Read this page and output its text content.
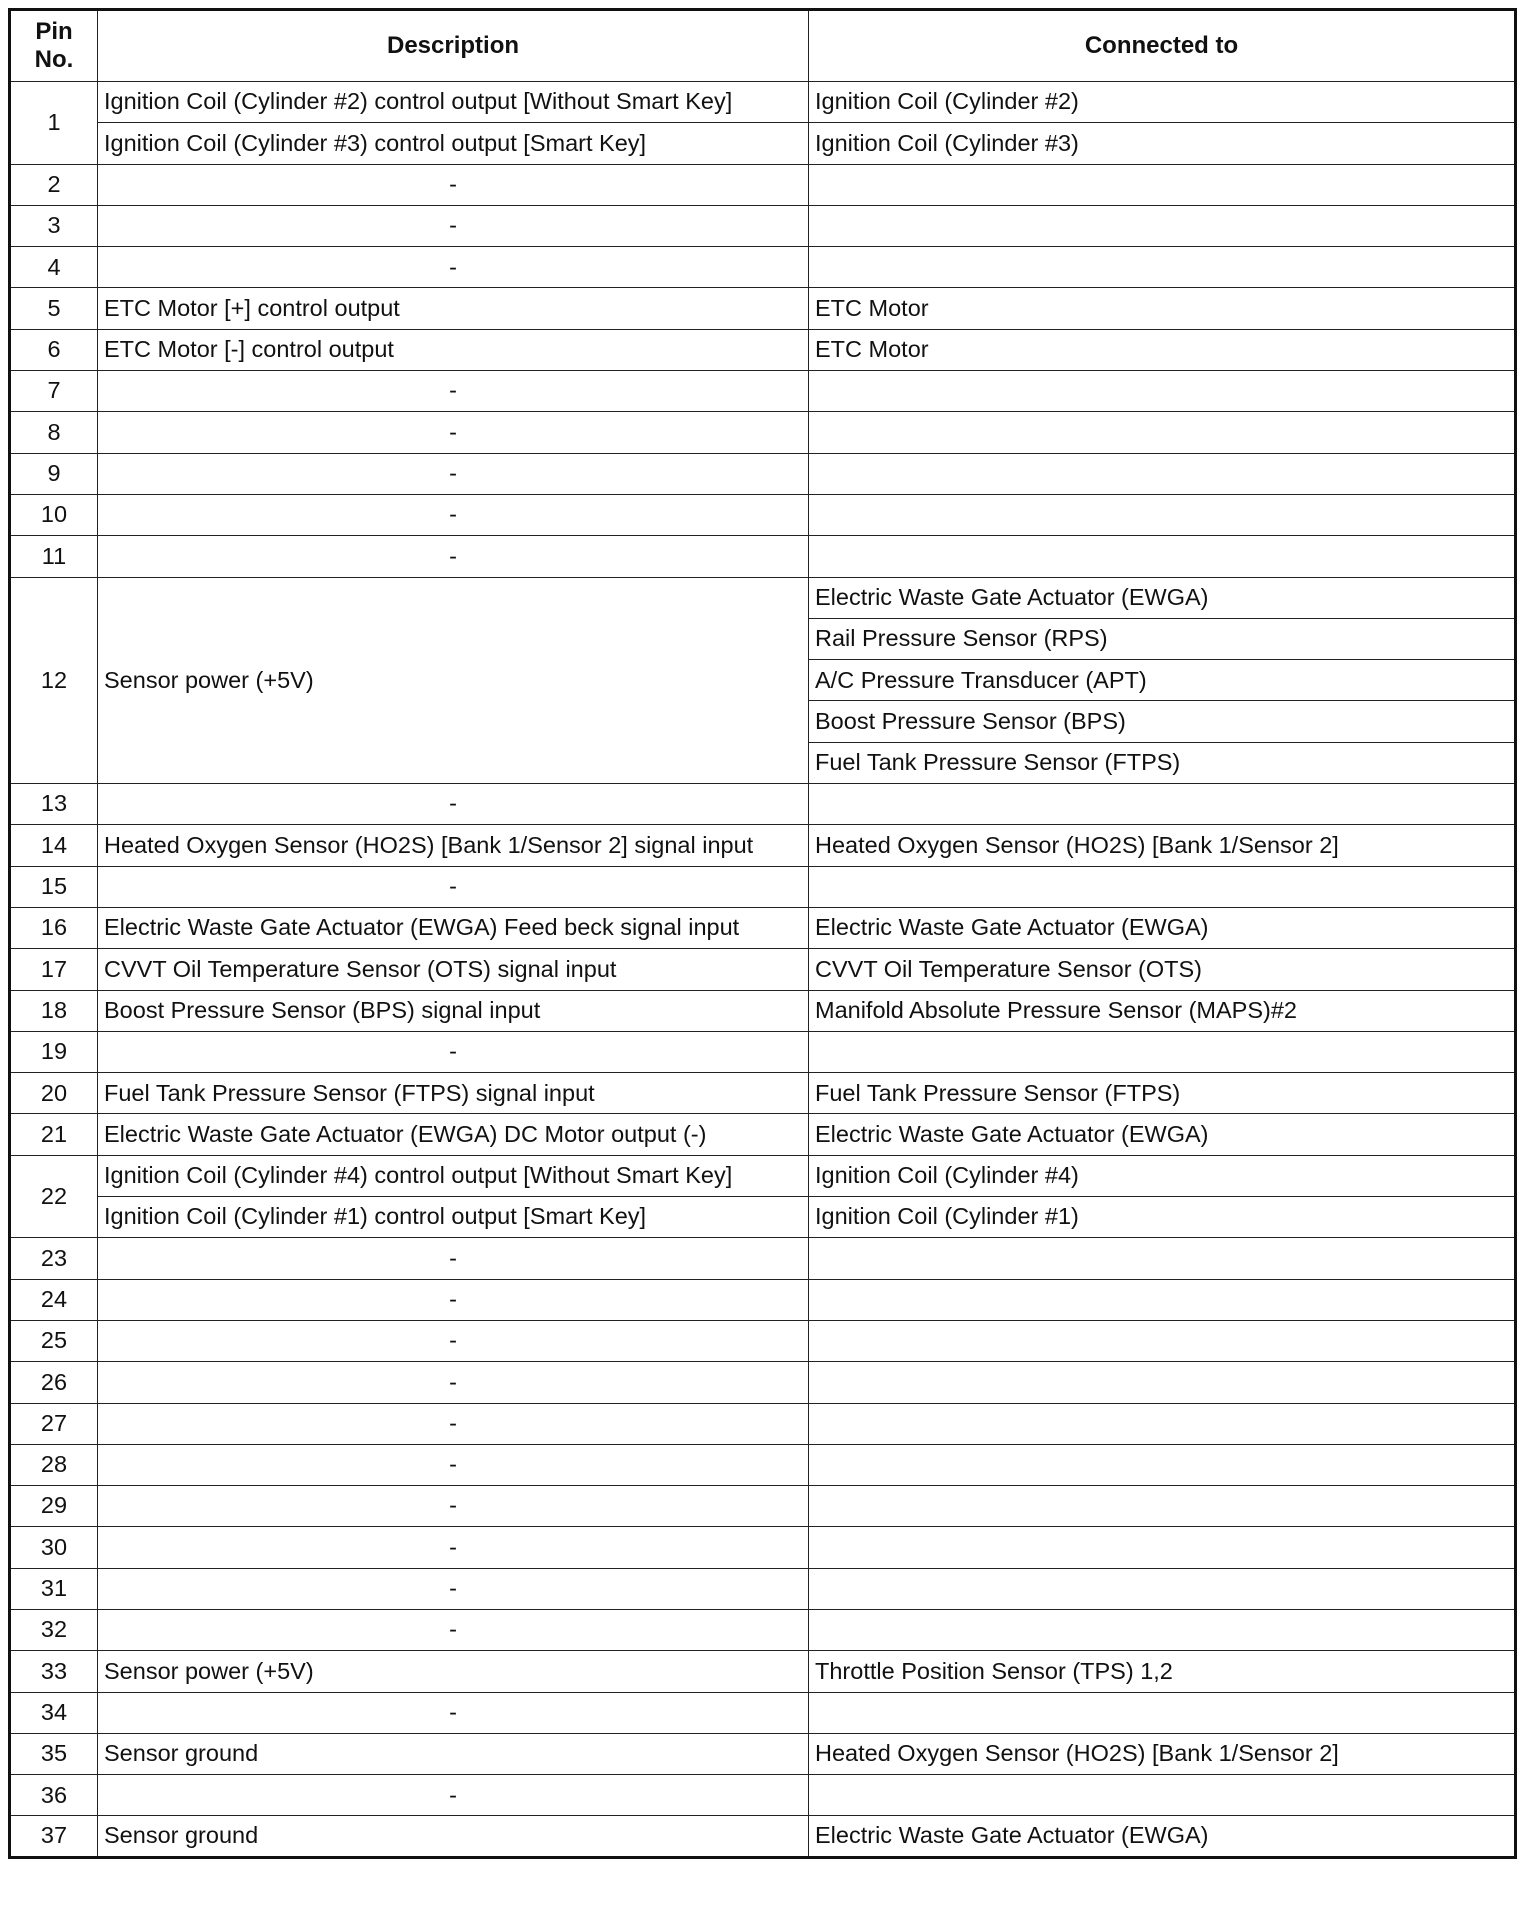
Pin
No.	Description	Connected to
1	Ignition Coil (Cylinder #2) control output [Without Smart Key]	Ignition Coil (Cylinder #2)
	Ignition Coil (Cylinder #3) control output [Smart Key]	Ignition Coil (Cylinder #3)
2	-	
3	-	
4	-	
5	ETC Motor [+] control output	ETC Motor
6	ETC Motor [-] control output	ETC Motor
7	-	
8	-	
9	-	
10	-	
11	-	
12	Sensor power (+5V)	Electric Waste Gate Actuator (EWGA)
		Rail Pressure Sensor (RPS)
		A/C Pressure Transducer (APT)
		Boost Pressure Sensor (BPS)
		Fuel Tank Pressure Sensor (FTPS)
13	-	
14	Heated Oxygen Sensor (HO2S) [Bank 1/Sensor 2] signal input	Heated Oxygen Sensor (HO2S) [Bank 1/Sensor 2]
15	-	
16	Electric Waste Gate Actuator (EWGA) Feed beck signal input	Electric Waste Gate Actuator (EWGA)
17	CVVT Oil Temperature Sensor (OTS) signal input	CVVT Oil Temperature Sensor (OTS)
18	Boost Pressure Sensor (BPS) signal input	Manifold Absolute Pressure Sensor (MAPS)#2
19	-	
20	Fuel Tank Pressure Sensor (FTPS) signal input	Fuel Tank Pressure Sensor (FTPS)
21	Electric Waste Gate Actuator (EWGA) DC Motor output (-)	Electric Waste Gate Actuator (EWGA)
22	Ignition Coil (Cylinder #4) control output [Without Smart Key]	Ignition Coil (Cylinder #4)
	Ignition Coil (Cylinder #1) control output [Smart Key]	Ignition Coil (Cylinder #1)
23	-	
24	-	
25	-	
26	-	
27	-	
28	-	
29	-	
30	-	
31	-	
32	-	
33	Sensor power (+5V)	Throttle Position Sensor (TPS) 1,2
34	-	
35	Sensor ground	Heated Oxygen Sensor (HO2S) [Bank 1/Sensor 2]
36	-	
37	Sensor ground	Electric Waste Gate Actuator (EWGA)
